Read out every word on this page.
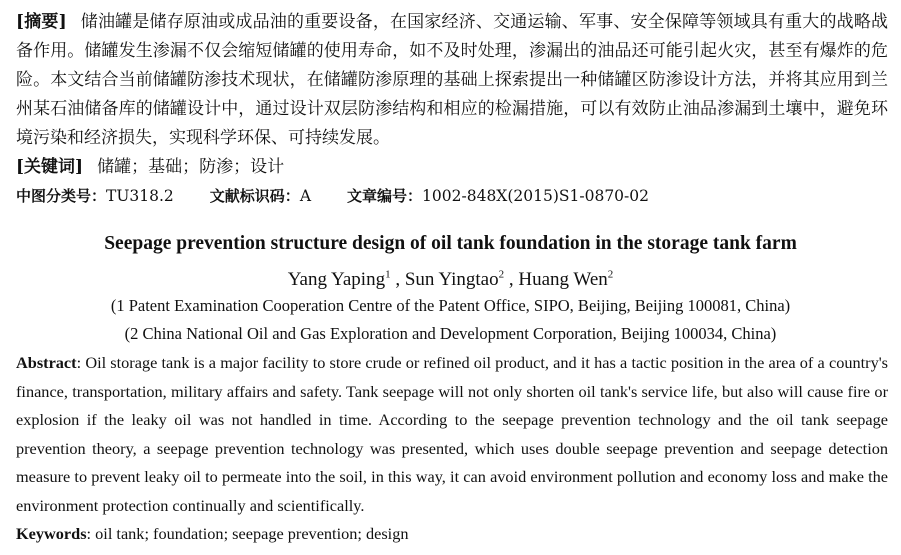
[摘要] 储油罐是储存原油或成品油的重要设备，在国家经济、交通运输、军事、安全保障等领域具有重大的战略战备作用。储罐发生渗漏不仅会缩短储罐的使用寿命，如不及时处理，渗漏出的油品还可能引起火灾，甚至有爆炸的危险。本文结合当前储罐防渗技术现状，在储罐防渗原理的基础上探索提出一种储罐区防渗设计方法，并将其应用到兰州某石油储备库的储罐设计中，通过设计双层防渗结构和相应的检漏措施，可以有效防止油品渗漏到土壤中，避免环境污染和经济损失，实现科学环保、可持续发展。

[关键词] 储罐；基础；防渗；设计

中图分类号：TU318.2 文献标识码：A 文章编号：1002-848X(2015)S1-0870-02

Seepage prevention structure design of oil tank foundation in the storage tank farm

Yang Yaping$^1$ , Sun Yingtao$^2$ , Huang Wen$^2$

(1 Patent Examination Cooperation Centre of the Patent Office, SIPO, Beijing, Beijing 100081, China)

(2 China National Oil and Gas Exploration and Development Corporation, Beijing 100034, China)

Abstract: Oil storage tank is a major facility to store crude or refined oil product, and it has a tactic position in the area of a country's finance, transportation, military affairs and safety. Tank seepage will not only shorten oil tank's service life, but also will cause fire or explosion if the leaky oil was not handled in time. According to the seepage prevention technology and the oil tank seepage prevention theory, a seepage prevention technology was presented, which uses double seepage prevention and seepage detection measure to prevent leaky oil to permeate into the soil, in this way, it can avoid environment pollution and economy loss and make the environment protection continually and scientifically.

Keywords: oil tank; foundation; seepage prevention; design
